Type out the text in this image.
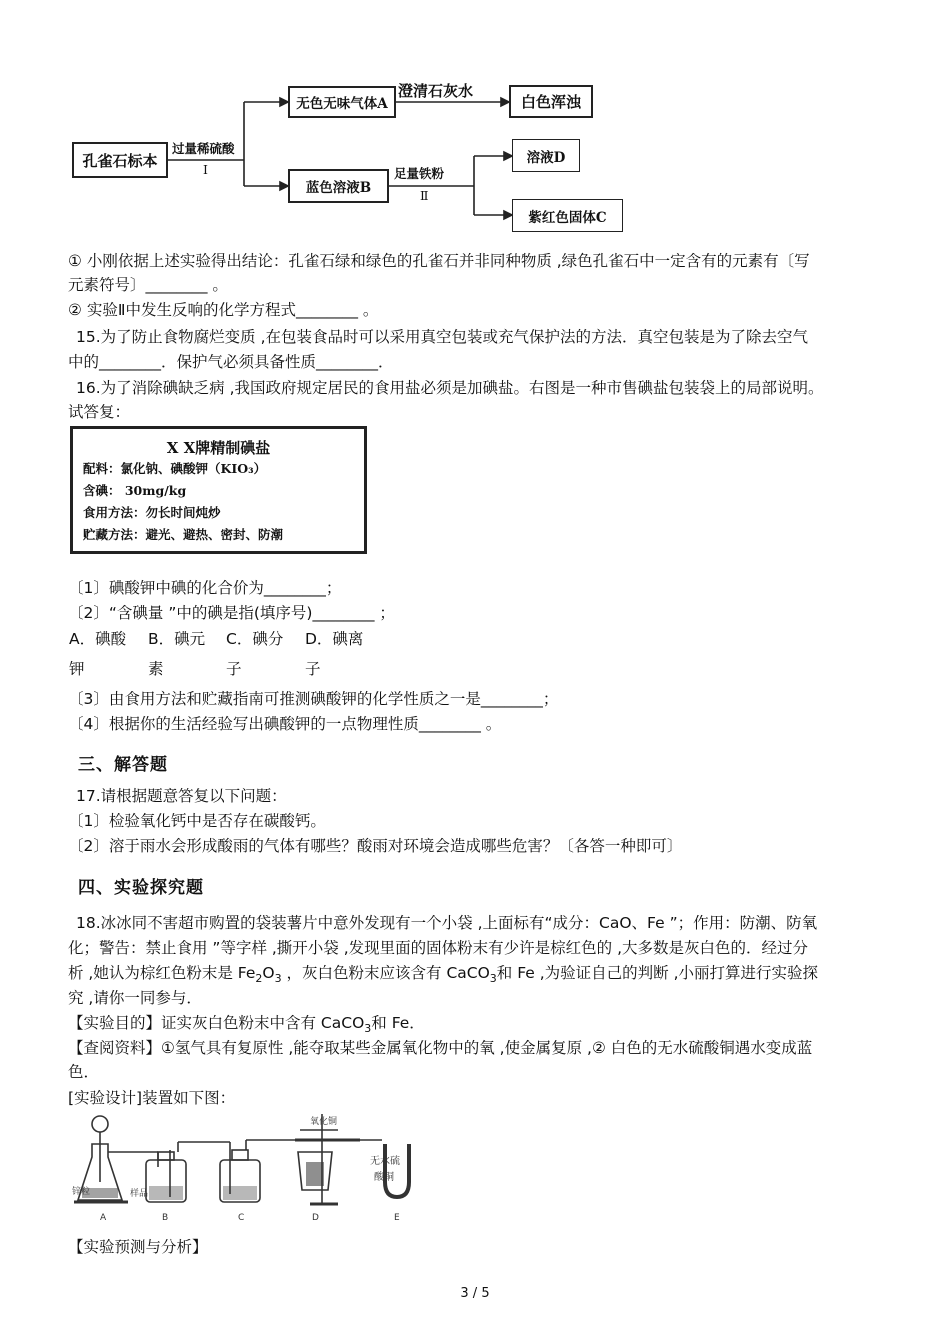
孔雀石标本
过量稀硫酸
Ⅰ
无色无味气体A
澄清石灰水
白色浑浊
蓝色溶液B
足量铁粉
Ⅱ
溶液D
紫红色固体C
① 小刚依据上述实验得出结论：孔雀石绿和绿色的孔雀石并非同种物质 ,绿色孔雀石中一定含有的元素有〔写
元素符号〕________ 。
② 实验Ⅱ中发生反响的化学方程式________ 。
15.为了防止食物腐烂变质 ,在包装食品时可以采用真空包装或充气保护法的方法．真空包装是为了除去空气
中的________．保护气必须具备性质________．
16.为了消除碘缺乏病 ,我国政府规定居民的食用盐必须是加碘盐。右图是一种市售碘盐包装袋上的局部说明。
试答复：
X X牌精制碘盐
配料：氯化钠、碘酸钾（KIO₃）
含碘： 30mg/kg
食用方法：勿长时间炖炒
贮藏方法：避光、避热、密封、防潮
〔1〕碘酸钾中碘的化合价为________；
〔2〕“含碘量 ”中的碘是指(填序号)________ ；
A．碘酸 B．碘元 C．碘分 D．碘离
钾	素	子	子
〔3〕由食用方法和贮藏指南可推测碘酸钾的化学性质之一是________；
〔4〕根据你的生活经验写出碘酸钾的一点物理性质________ 。
三、解答题
17.请根据题意答复以下问题：
〔1〕检验氧化钙中是否存在碳酸钙。
〔2〕溶于雨水会形成酸雨的气体有哪些？酸雨对环境会造成哪些危害？〔各答一种即可〕
四、实验探究题
18.冰冰同不害超市购置的袋装薯片中意外发现有一个小袋 ,上面标有“成分：CaO、Fe ”；作用：防潮、防氧
化；警告：禁止食用 ”等字样 ,撕开小袋 ,发现里面的固体粉末有少许是棕红色的 ,大多数是灰白色的．经过分
析 ,她认为棕红色粉末是 $Fe_2O_3$ ，灰白色粉末应该含有 CaCO$_3$和 Fe ,为验证自己的判断 ,小丽打算进行实验探
究 ,请你一同参与．
【实验目的】证实灰白色粉末中含有 CaCO$_3$和 Fe．
【查阅资料】①氢气具有复原性 ,能夺取某些金属氧化物中的氧 ,使金属复原 ,② 白色的无水硫酸铜遇水变成蓝
色．
[实验设计]装置如下图：
锌粒	样品
氧化铜
无水硫
酸铜
A	B	C	D	E
【实验预测与分析】
3 / 5
